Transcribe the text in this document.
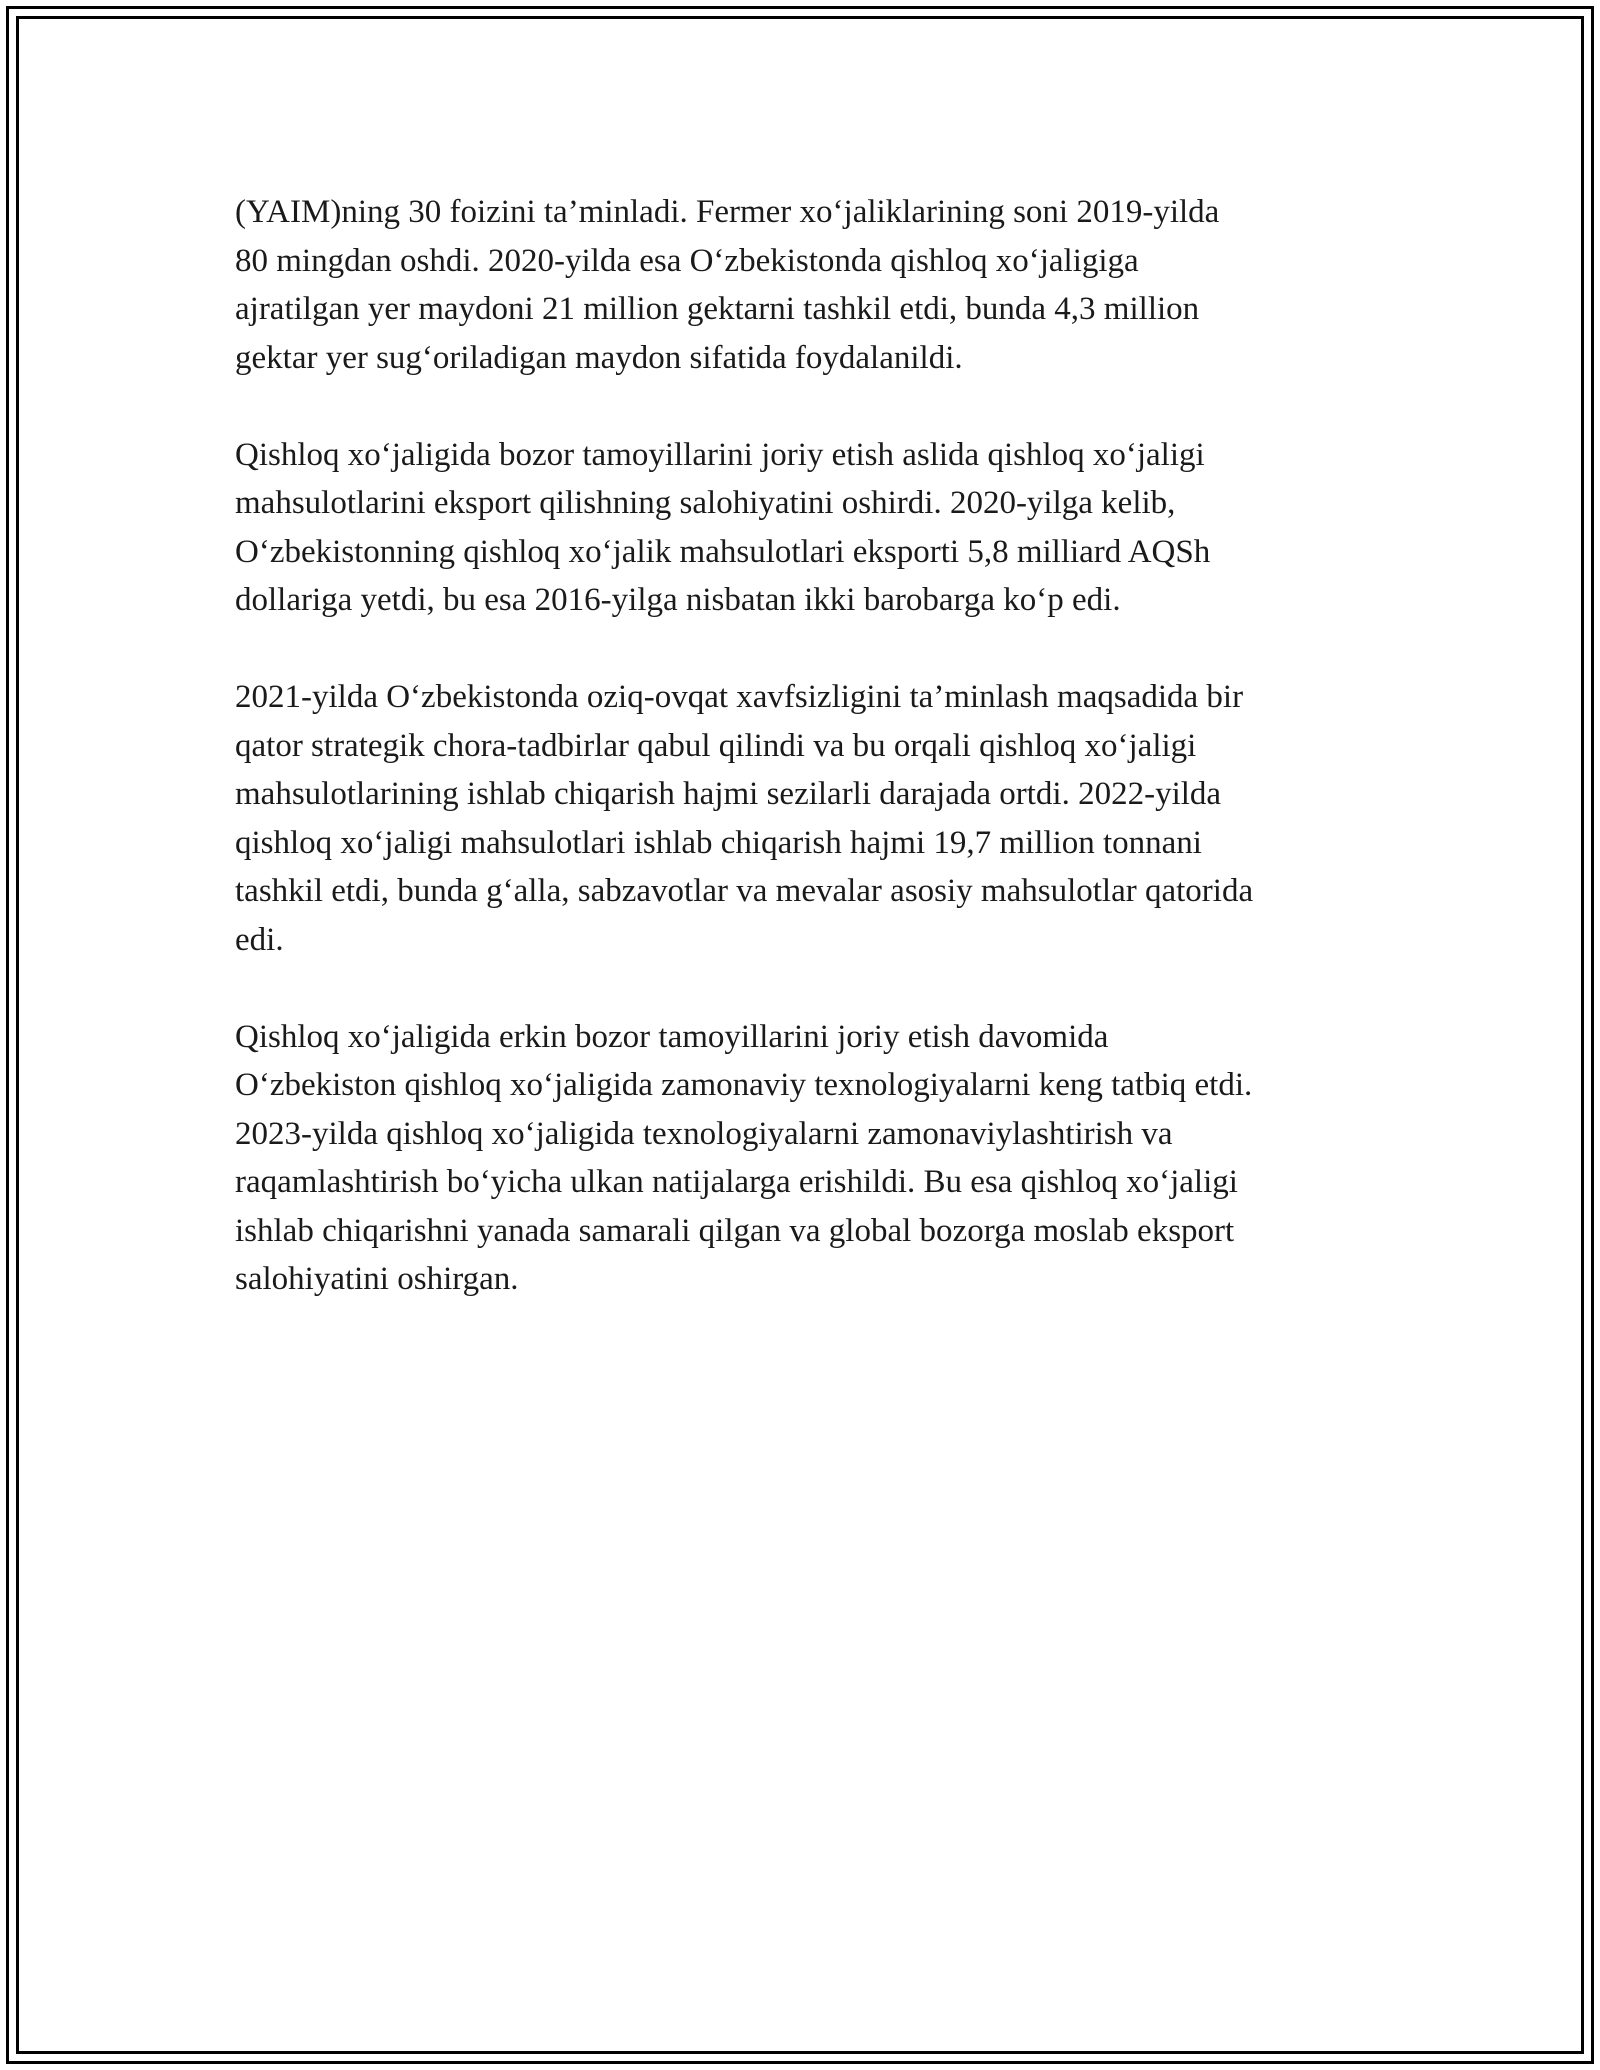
(YAIM)ning 30 foizini ta’minladi. Fermer xo‘jaliklarining soni 2019-yilda
80 mingdan oshdi. 2020-yilda esa O‘zbekistonda qishloq xo‘jaligiga
ajratilgan yer maydoni 21 million gektarni tashkil etdi, bunda 4,3 million
gektar yer sug‘oriladigan maydon sifatida foydalanildi.

Qishloq xo‘jaligida bozor tamoyillarini joriy etish aslida qishloq xo‘jaligi
mahsulotlarini eksport qilishning salohiyatini oshirdi. 2020-yilga kelib,
O‘zbekistonning qishloq xo‘jalik mahsulotlari eksporti 5,8 milliard AQSh
dollariga yetdi, bu esa 2016-yilga nisbatan ikki barobarga ko‘p edi.

2021-yilda O‘zbekistonda oziq-ovqat xavfsizligini ta’minlash maqsadida bir
qator strategik chora-tadbirlar qabul qilindi va bu orqali qishloq xo‘jaligi
mahsulotlarining ishlab chiqarish hajmi sezilarli darajada ortdi. 2022-yilda
qishloq xo‘jaligi mahsulotlari ishlab chiqarish hajmi 19,7 million tonnani
tashkil etdi, bunda g‘alla, sabzavotlar va mevalar asosiy mahsulotlar qatorida
edi.

Qishloq xo‘jaligida erkin bozor tamoyillarini joriy etish davomida
O‘zbekiston qishloq xo‘jaligida zamonaviy texnologiyalarni keng tatbiq etdi.
2023-yilda qishloq xo‘jaligida texnologiyalarni zamonaviylashtirish va
raqamlashtirish bo‘yicha ulkan natijalarga erishildi. Bu esa qishloq xo‘jaligi
ishlab chiqarishni yanada samarali qilgan va global bozorga moslab eksport
salohiyatini oshirgan.
